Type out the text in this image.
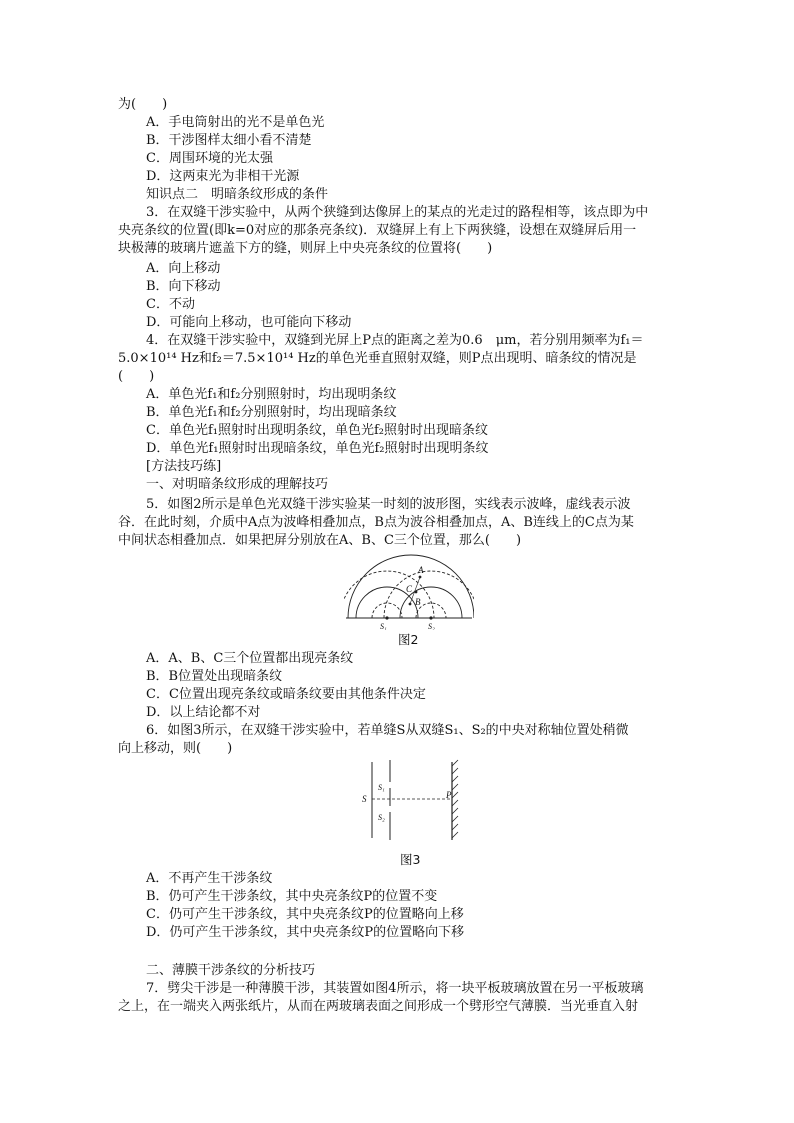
为(　　)
A．手电筒射出的光不是单色光
B．干涉图样太细小看不清楚
C．周围环境的光太强
D．这两束光为非相干光源
知识点二　明暗条纹形成的条件
3．在双缝干涉实验中，从两个狭缝到达像屏上的某点的光走过的路程相等，该点即为中
央亮条纹的位置(即k=0对应的那条亮条纹)．双缝屏上有上下两狭缝，设想在双缝屏后用一
块极薄的玻璃片遮盖下方的缝，则屏上中央亮条纹的位置将(　　)
A．向上移动
B．向下移动
C．不动
D．可能向上移动，也可能向下移动
4．在双缝干涉实验中，双缝到光屏上P点的距离之差为0.6　μm，若分别用频率为f₁＝
5.0×10¹⁴ Hz和f₂＝7.5×10¹⁴ Hz的单色光垂直照射双缝，则P点出现明、暗条纹的情况是
(　　)
A．单色光f₁和f₂分别照射时，均出现明条纹
B．单色光f₁和f₂分别照射时，均出现暗条纹
C．单色光f₁照射时出现明条纹，单色光f₂照射时出现暗条纹
D．单色光f₁照射时出现暗条纹，单色光f₂照射时出现明条纹
[方法技巧练]
一、对明暗条纹形成的理解技巧
5．如图2所示是单色光双缝干涉实验某一时刻的波形图，实线表示波峰，虚线表示波
谷．在此时刻，介质中A点为波峰相叠加点，B点为波谷相叠加点，A、B连线上的C点为某
中间状态相叠加点．如果把屏分别放在A、B、C三个位置，那么(　　)
A
C
B
S₁	S₂
图2
A．A、B、C三个位置都出现亮条纹
B．B位置处出现暗条纹
C．C位置出现亮条纹或暗条纹要由其他条件决定
D．以上结论都不对
6．如图3所示，在双缝干涉实验中，若单缝S从双缝S₁、S₂的中央对称轴位置处稍微
向上移动，则(　　)
S
S₁
S₂
P
图3
A．不再产生干涉条纹
B．仍可产生干涉条纹，其中央亮条纹P的位置不变
C．仍可产生干涉条纹，其中央亮条纹P的位置略向上移
D．仍可产生干涉条纹，其中央亮条纹P的位置略向下移
二、薄膜干涉条纹的分析技巧
7．劈尖干涉是一种薄膜干涉，其装置如图4所示，将一块平板玻璃放置在另一平板玻璃
之上，在一端夹入两张纸片，从而在两玻璃表面之间形成一个劈形空气薄膜．当光垂直入射
